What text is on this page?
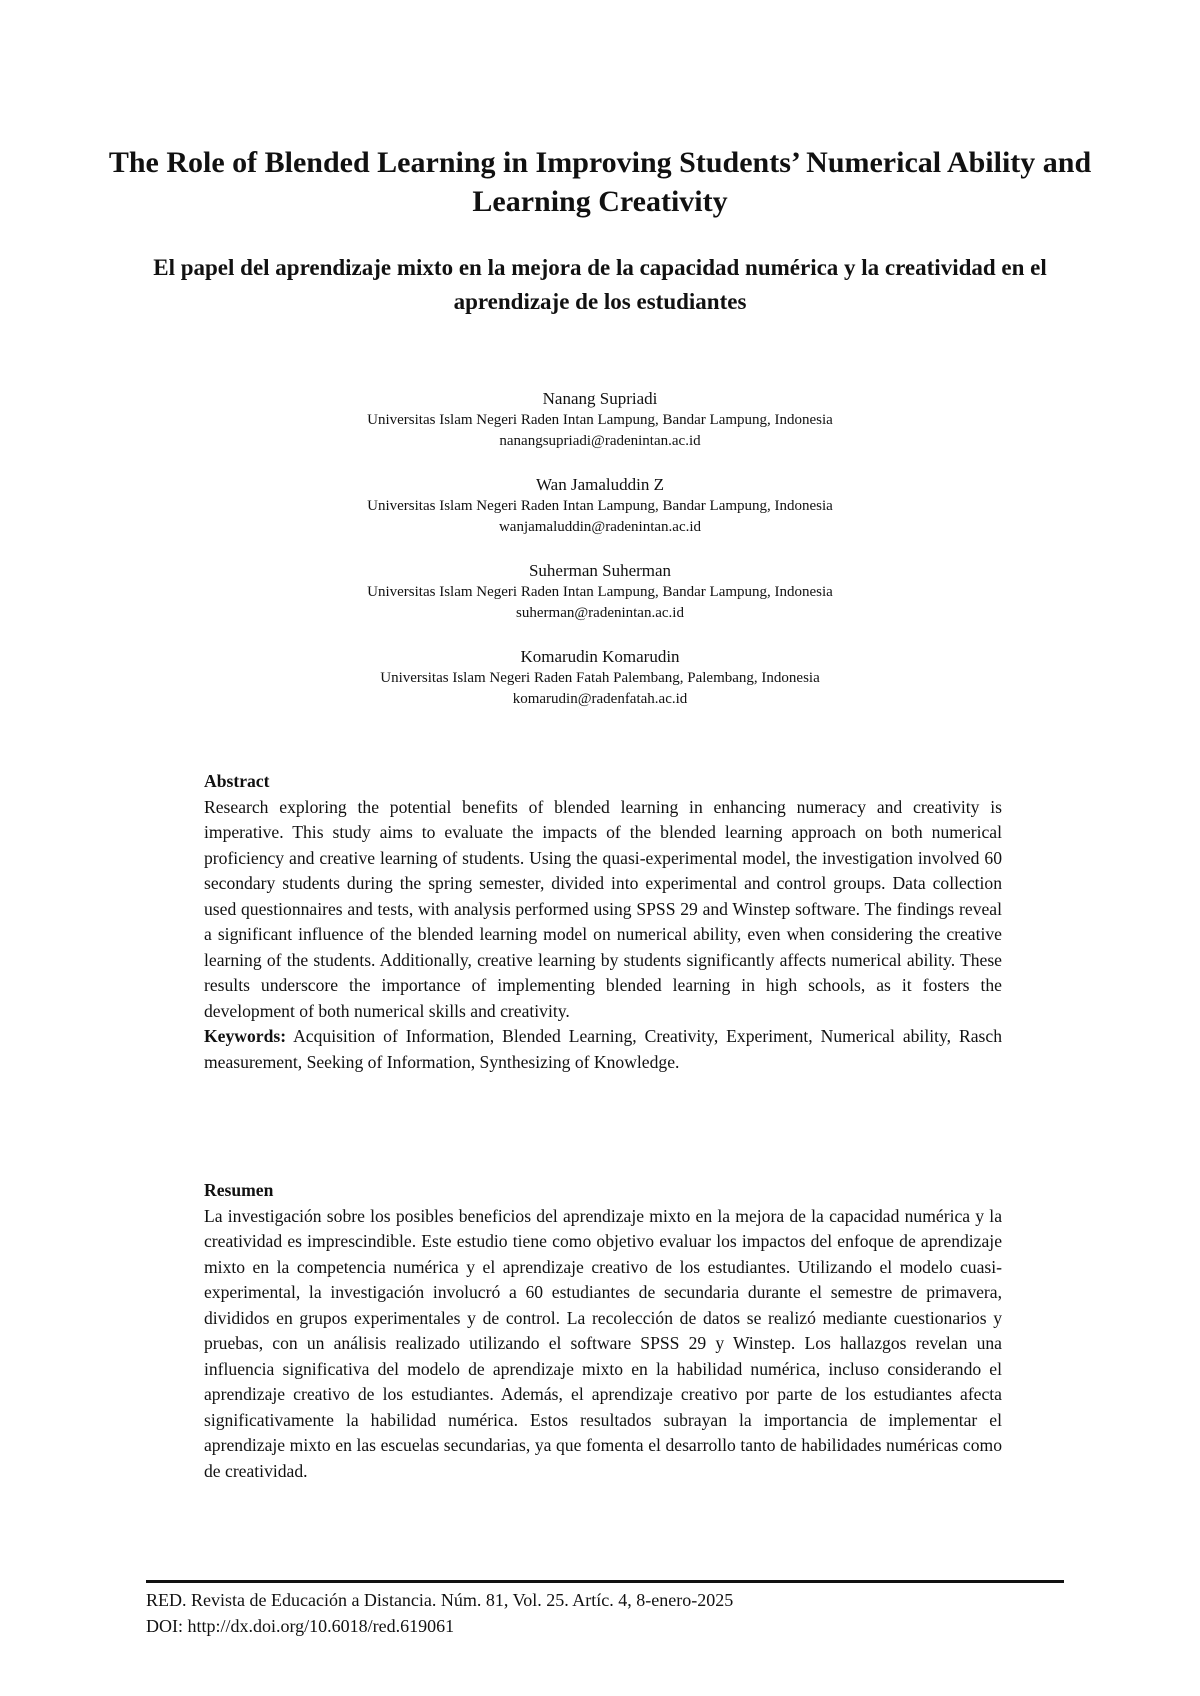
The Role of Blended Learning in Improving Students’ Numerical Ability and Learning Creativity
El papel del aprendizaje mixto en la mejora de la capacidad numérica y la creatividad en el aprendizaje de los estudiantes
Nanang Supriadi
Universitas Islam Negeri Raden Intan Lampung, Bandar Lampung, Indonesia
nanangsupriadi@radenintan.ac.id
Wan Jamaluddin Z
Universitas Islam Negeri Raden Intan Lampung, Bandar Lampung, Indonesia
wanjamaluddin@radenintan.ac.id
Suherman Suherman
Universitas Islam Negeri Raden Intan Lampung, Bandar Lampung, Indonesia
suherman@radenintan.ac.id
Komarudin Komarudin
Universitas Islam Negeri Raden Fatah Palembang, Palembang, Indonesia
komarudin@radenfatah.ac.id
Abstract

Research exploring the potential benefits of blended learning in enhancing numeracy and creativity is imperative. This study aims to evaluate the impacts of the blended learning approach on both numerical proficiency and creative learning of students. Using the quasi-experimental model, the investigation involved 60 secondary students during the spring semester, divided into experimental and control groups. Data collection used questionnaires and tests, with analysis performed using SPSS 29 and Winstep software. The findings reveal a significant influence of the blended learning model on numerical ability, even when considering the creative learning of the students. Additionally, creative learning by students significantly affects numerical ability. These results underscore the importance of implementing blended learning in high schools, as it fosters the development of both numerical skills and creativity.

Keywords: Acquisition of Information, Blended Learning, Creativity, Experiment, Numerical ability, Rasch measurement, Seeking of Information, Synthesizing of Knowledge.

Resumen

La investigación sobre los posibles beneficios del aprendizaje mixto en la mejora de la capacidad numérica y la creatividad es imprescindible. Este estudio tiene como objetivo evaluar los impactos del enfoque de aprendizaje mixto en la competencia numérica y el aprendizaje creativo de los estudiantes. Utilizando el modelo cuasi-experimental, la investigación involucró a 60 estudiantes de secundaria durante el semestre de primavera, divididos en grupos experimentales y de control. La recolección de datos se realizó mediante cuestionarios y pruebas, con un análisis realizado utilizando el software SPSS 29 y Winstep. Los hallazgos revelan una influencia significativa del modelo de aprendizaje mixto en la habilidad numérica, incluso considerando el aprendizaje creativo de los estudiantes. Además, el aprendizaje creativo por parte de los estudiantes afecta significativamente la habilidad numérica. Estos resultados subrayan la importancia de implementar el aprendizaje mixto en las escuelas secundarias, ya que fomenta el desarrollo tanto de habilidades numéricas como de creatividad.

RED. Revista de Educación a Distancia. Núm. 81, Vol. 25. Artíc. 4, 8-enero-2025
DOI: http://dx.doi.org/10.6018/red.619061
